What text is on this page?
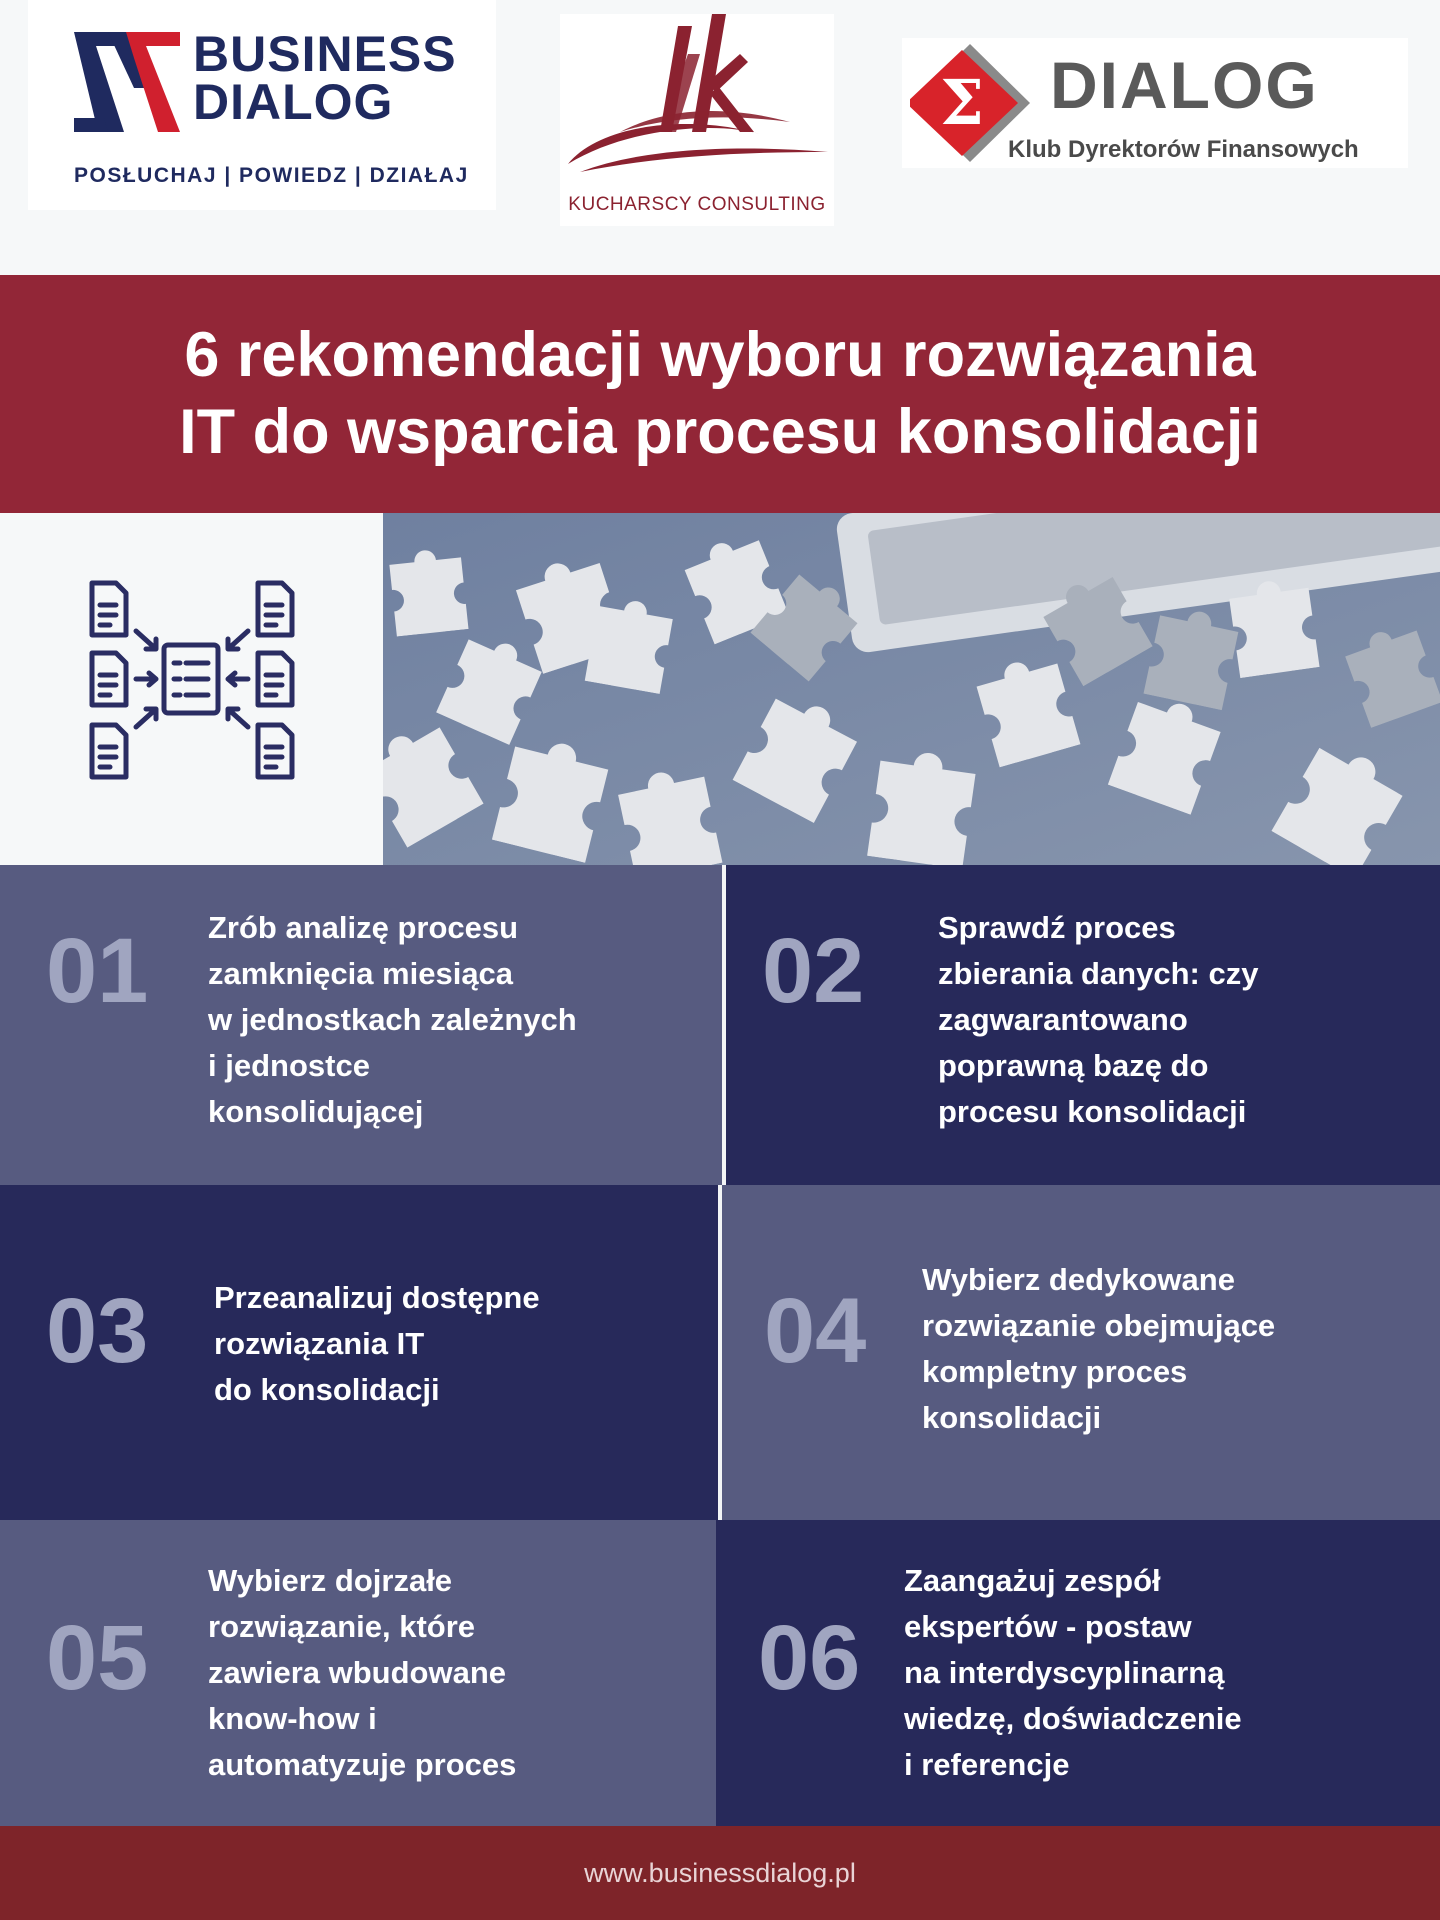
BUSINESS
DIALOG
POSŁUCHAJ | POWIEDZ | DZIAŁAJ
KUCHARSCY CONSULTING
Σ DIALOG
Klub Dyrektorów Finansowych
6 rekomendacji wyboru rozwiązania
IT do wsparcia procesu konsolidacji
01 Zrób analizę procesu
zamknięcia miesiąca
w jednostkach zależnych
i jednostce
konsolidującej
02 Sprawdź proces
zbierania danych: czy
zagwarantowano
poprawną bazę do
procesu konsolidacji
03 Przeanalizuj dostępne
rozwiązania IT
do konsolidacji
04
Wybierz dedykowane
rozwiązanie obejmujące
kompletny proces
konsolidacji
05
Wybierz dojrzałe
rozwiązanie, które
zawiera wbudowane
know-how i
automatyzuje proces
06
Zaangażuj zespół
ekspertów - postaw
na interdyscyplinarną
wiedzę, doświadczenie
i referencje
www.businessdialog.pl
